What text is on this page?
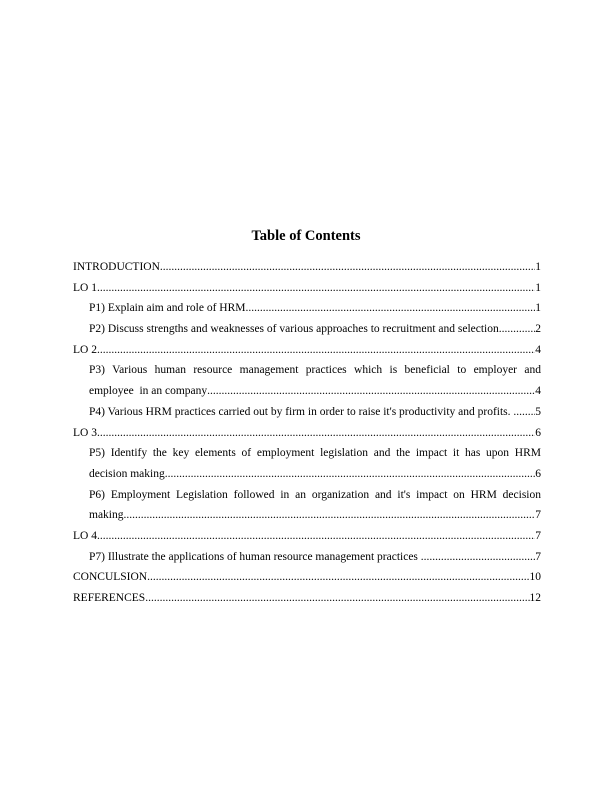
Table of Contents
INTRODUCTION .....	1
LO 1 .....	1
P1) Explain aim and role of HRM .....	1
P2) Discuss strengths and weaknesses of various approaches to recruitment and selection .....	2
LO 2 .....	4
P3) Various human resource management practices which is beneficial to employer and
employee  in an company .....	4
P4) Various HRM practices carried out by firm in order to raise it's productivity and profits. ..... 5
LO 3 .....	6
P5) Identify the key elements of employment legislation and the impact it has upon HRM
decision making .....	6
P6) Employment Legislation followed in an organization and it's impact on HRM decision
making .....	7
LO 4 .....	7
P7) Illustrate the applications of human resource management practices .....	7
CONCULSION .....	10
REFERENCES .....	12
